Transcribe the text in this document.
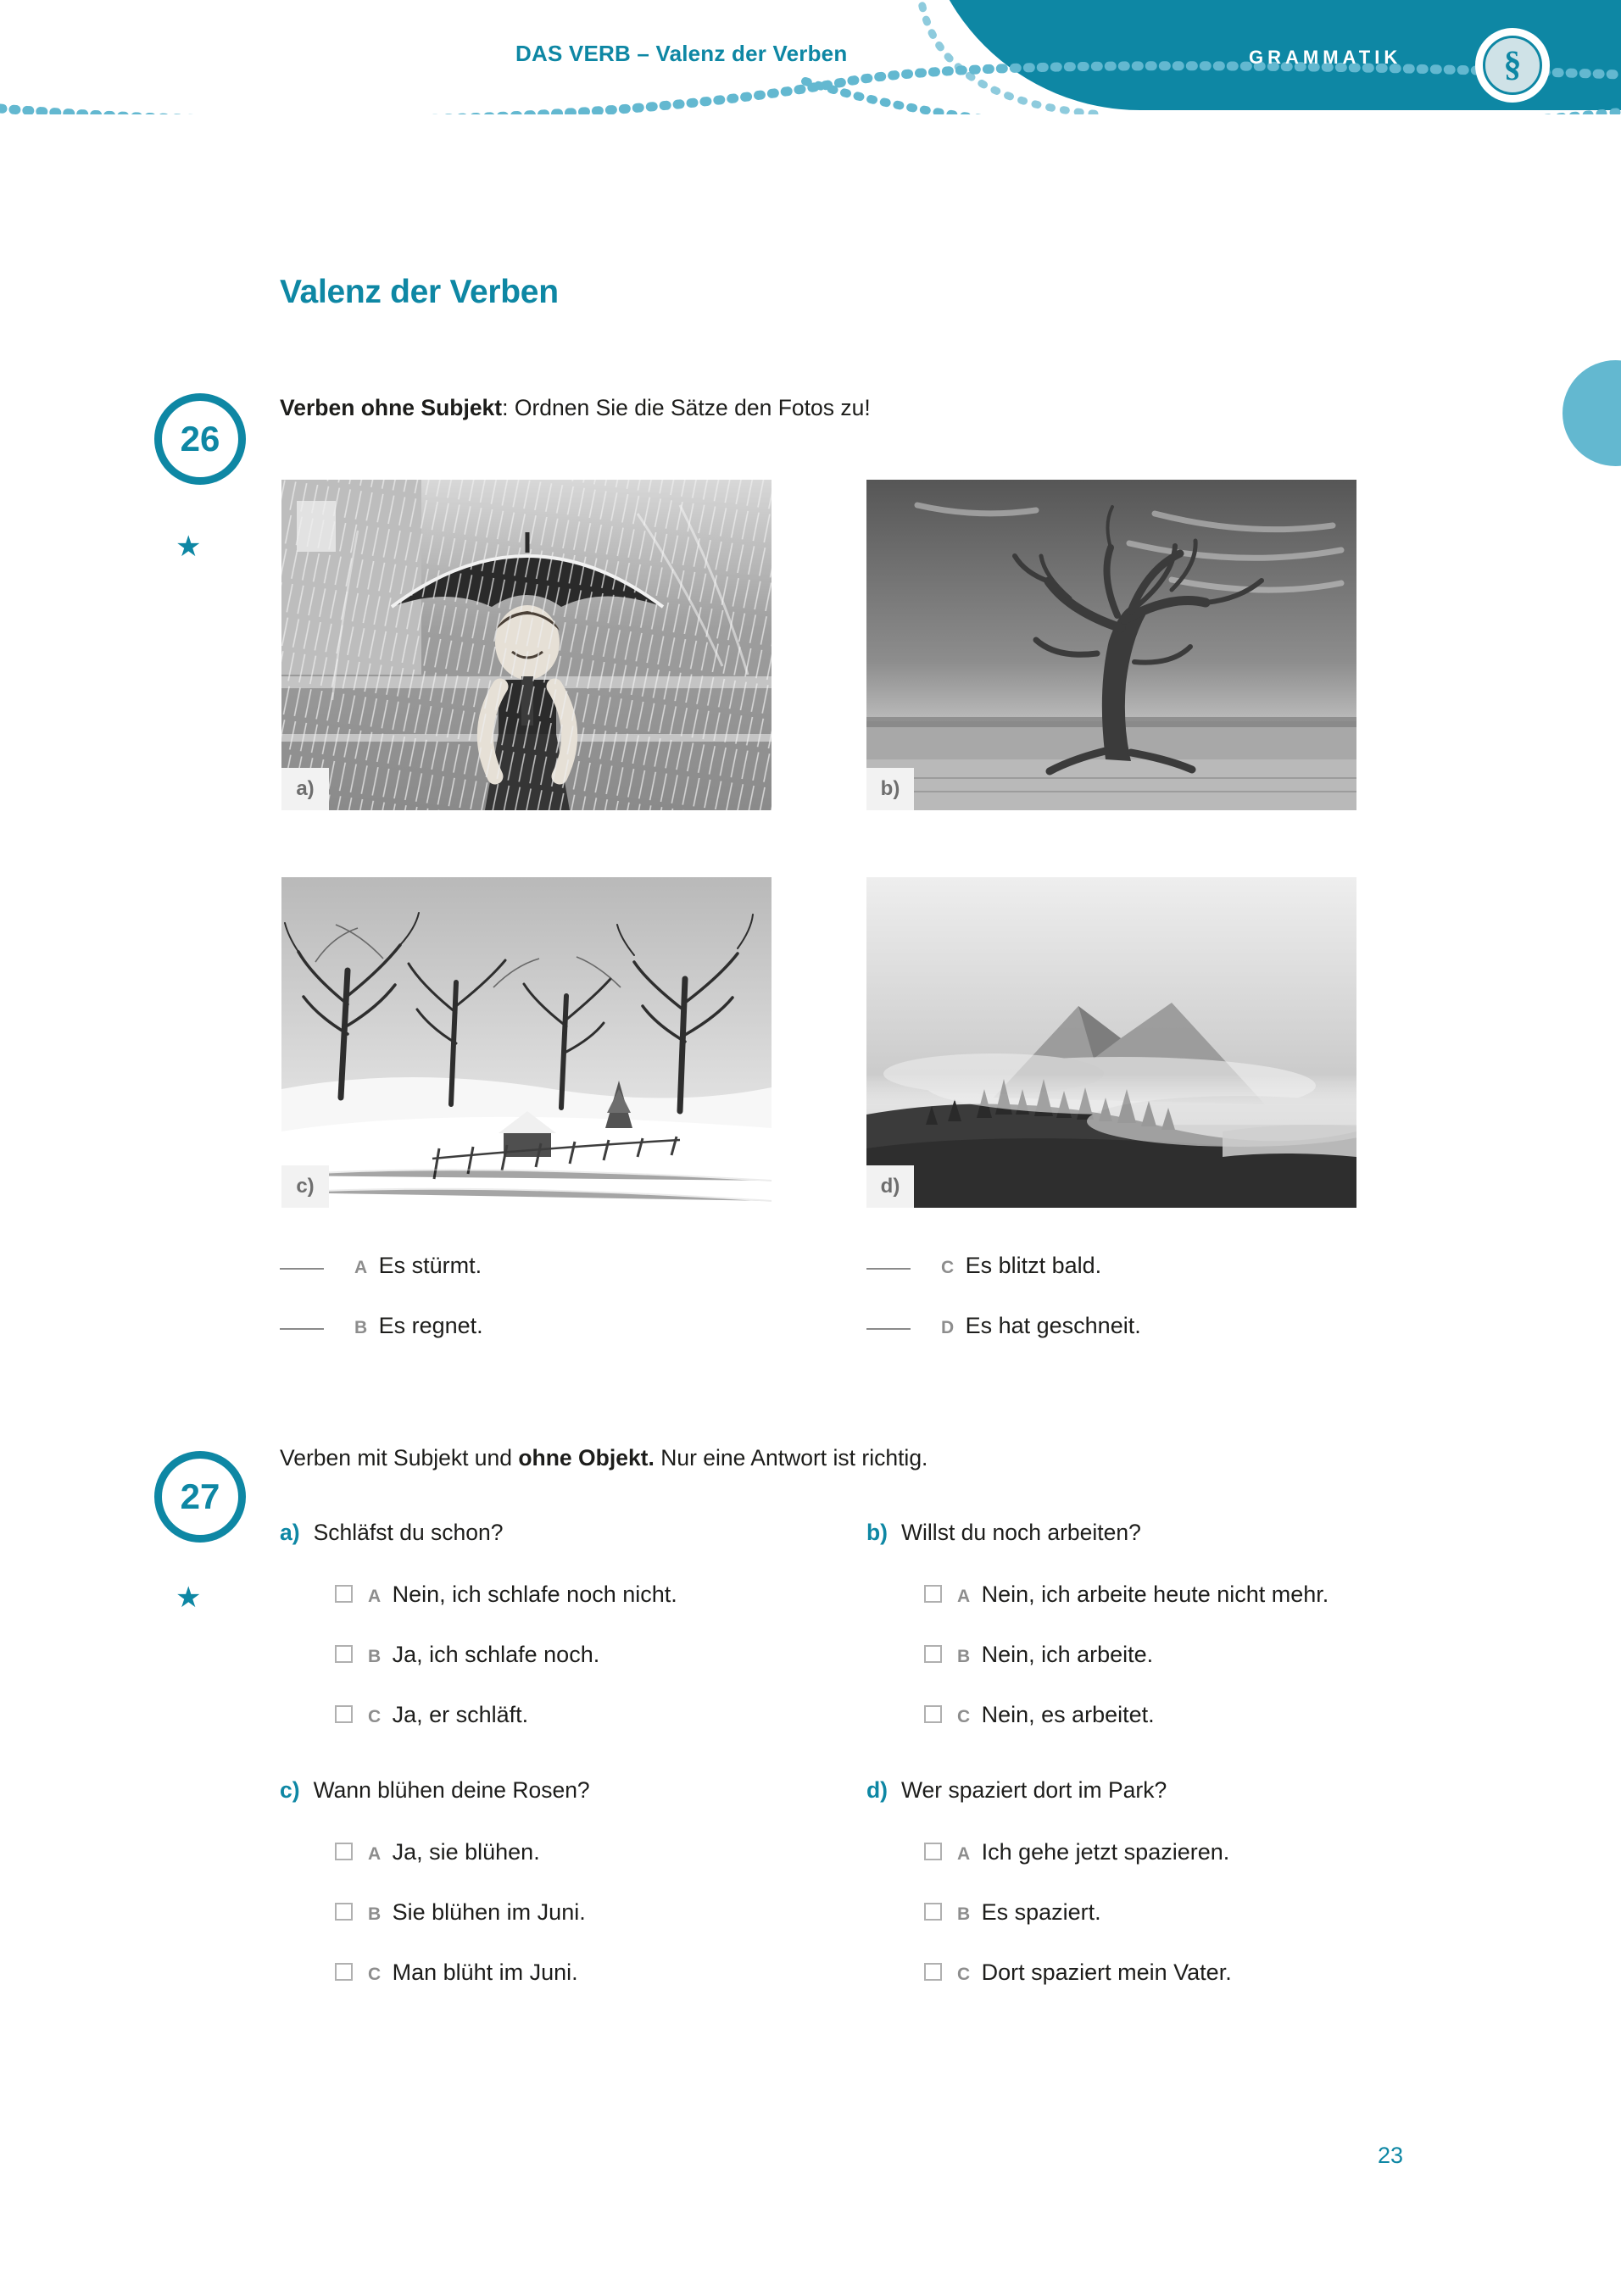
DAS VERB – Valenz der Verben	GRAMMATIK	§
Valenz der Verben
26
★
Verben ohne Subjekt: Ordnen Sie die Sätze den Fotos zu!
a)	b)
c)	d)
A Es stürmt.
B Es regnet.
C Es blitzt bald.
D Es hat geschneit.
27
★
Verben mit Subjekt und ohne Objekt. Nur eine Antwort ist richtig.
a) Schläfst du schon?
A Nein, ich schlafe noch nicht.
B Ja, ich schlafe noch.
C Ja, er schläft.
b) Willst du noch arbeiten?
A Nein, ich arbeite heute nicht mehr.
B Nein, ich arbeite.
C Nein, es arbeitet.
c) Wann blühen deine Rosen?
A Ja, sie blühen.
B Sie blühen im Juni.
C Man blüht im Juni.
d) Wer spaziert dort im Park?
A Ich gehe jetzt spazieren.
B Es spaziert.
C Dort spaziert mein Vater.
23
